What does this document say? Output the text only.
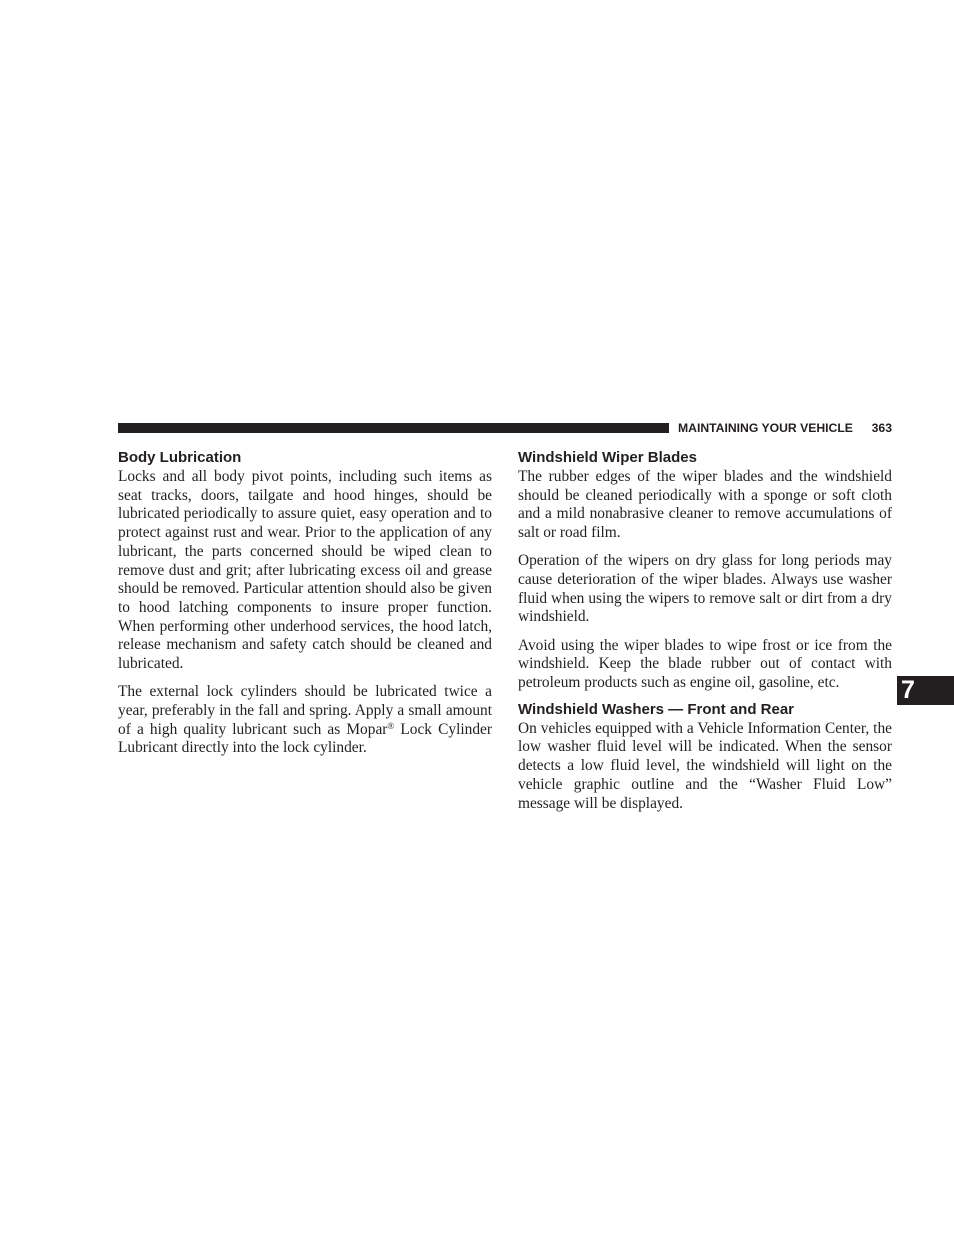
MAINTAINING YOUR VEHICLE 363
Body Lubrication

Locks and all body pivot points, including such items as seat tracks, doors, tailgate and hood hinges, should be lubricated periodically to assure quiet, easy operation and to protect against rust and wear. Prior to the application of any lubricant, the parts concerned should be wiped clean to remove dust and grit; after lubricating excess oil and grease should be removed. Particular attention should also be given to hood latching components to insure proper function. When performing other underhood services, the hood latch, release mechanism and safety catch should be cleaned and lubricated.

The external lock cylinders should be lubricated twice a year, preferably in the fall and spring. Apply a small amount of a high quality lubricant such as Mopar® Lock Cylinder Lubricant directly into the lock cylinder.

Windshield Wiper Blades

The rubber edges of the wiper blades and the windshield should be cleaned periodically with a sponge or soft cloth and a mild nonabrasive cleaner to remove accumulations of salt or road film.

Operation of the wipers on dry glass for long periods may cause deterioration of the wiper blades. Always use washer fluid when using the wipers to remove salt or dirt from a dry windshield.

Avoid using the wiper blades to wipe frost or ice from the windshield. Keep the blade rubber out of contact with petroleum products such as engine oil, gasoline, etc.

Windshield Washers — Front and Rear

On vehicles equipped with a Vehicle Information Center, the low washer fluid level will be indicated. When the sensor detects a low fluid level, the windshield will light on the vehicle graphic outline and the “Washer Fluid Low” message will be displayed.

7
